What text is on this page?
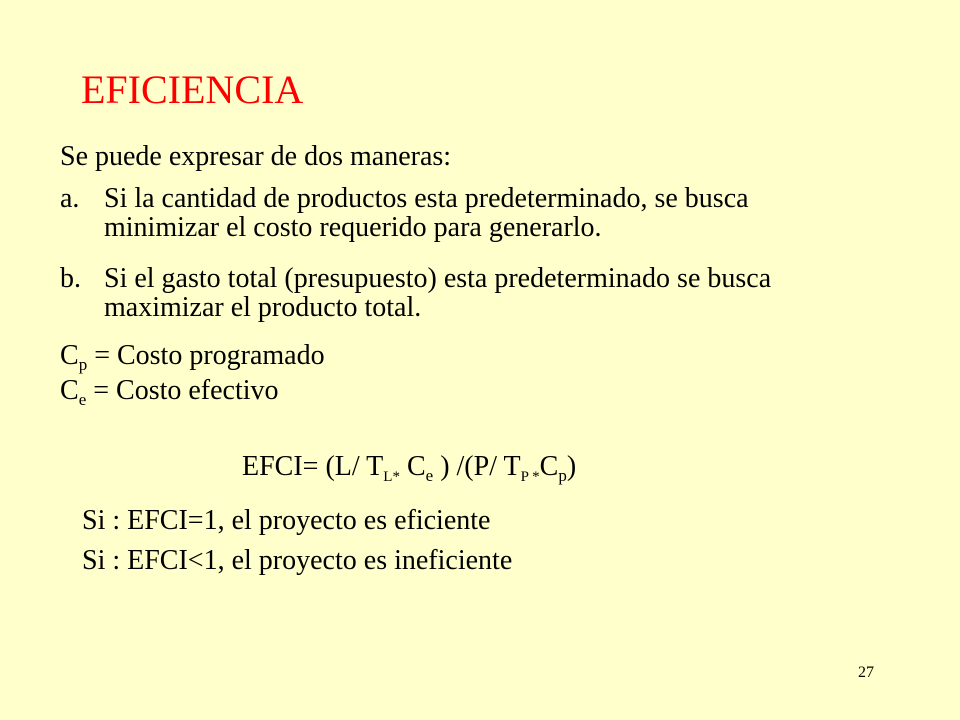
EFICIENCIA
Se puede expresar de dos maneras:
a. Si la cantidad de productos esta predeterminado, se busca
minimizar el costo requerido para generarlo.
b. Si el gasto total (presupuesto) esta predeterminado se busca
maximizar el producto total.
$C_p$ = Costo programado
$C_e$ = Costo efectivo
EFCI= (L/ $T_{L*}$ $C_e$ ) /(P/ $T_{P *}C_p$)
Si : EFCI=1, el proyecto es eficiente
Si : EFCI<1, el proyecto es ineficiente
27
